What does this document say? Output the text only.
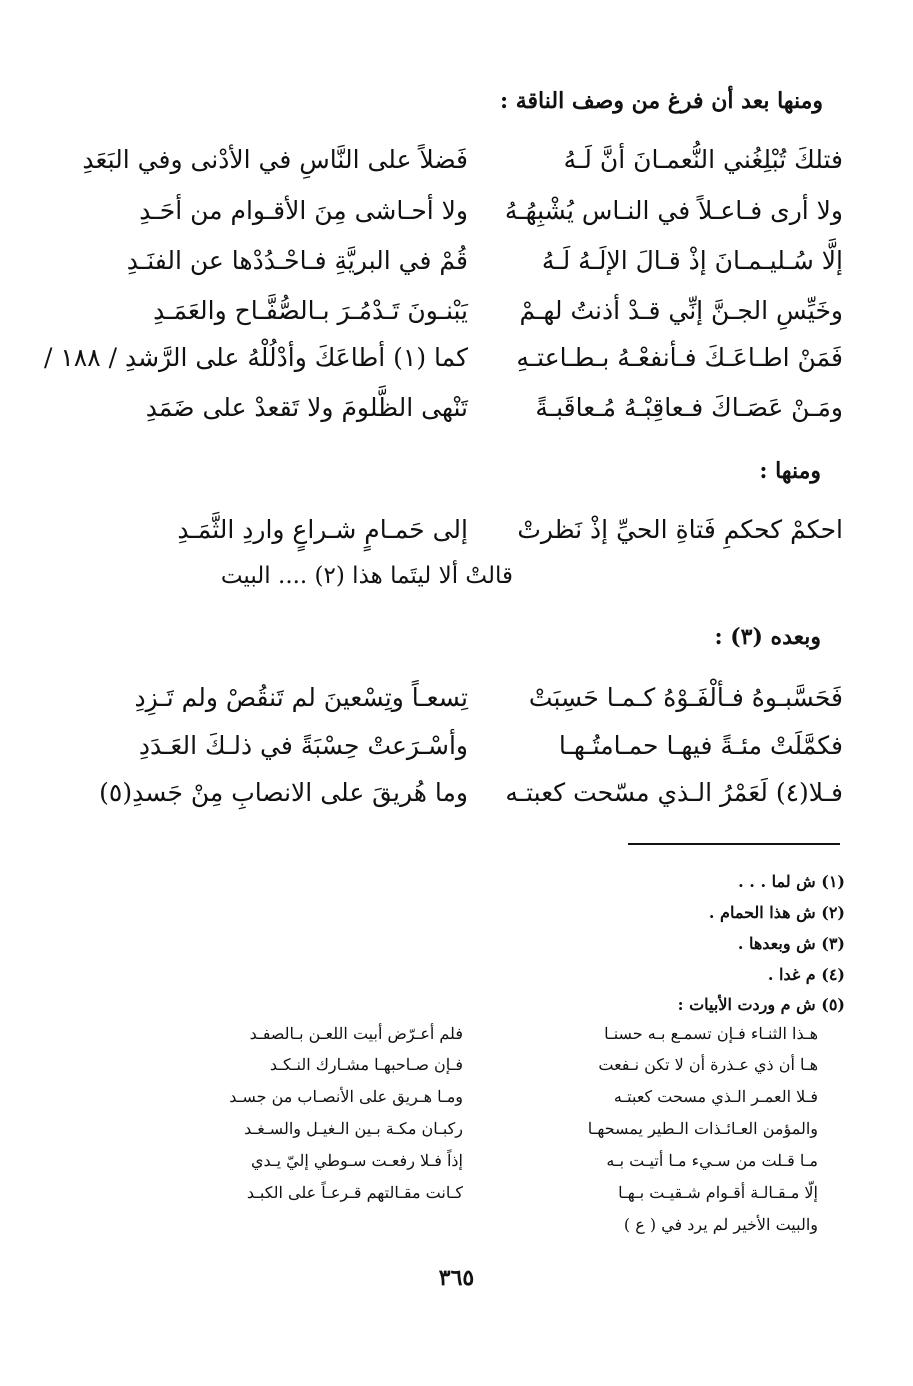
ومنها بعد أن فرغ من وصف الناقة :
فتلكَ تُبْلِغُني النُّعمـانَ أنَّ لَـهُ
فَضلاً على النَّاسِ في الأدْنى وفي البَعَدِ
ولا أرى فـاعـلاً في النـاس يُشْبِهُـهُ
ولا أحـاشى مِنَ الأقـوام من أحَـدِ
إلَّا سُـليـمـانَ إذْ قـالَ الإلَـهُ لَـهُ
قُمْ في البريَّةِ فـاحْـدُدْها عن الفنَـدِ
وخَيِّسِ الجـنَّ إنِّي قـدْ أذنتُ لهـمْ
يَبْنـونَ تَـدْمُـرَ بـالصُّفَّـاح والعَمَـدِ
فَمَنْ اطـاعَـكَ فـأنفعْـهُ بـطـاعتـهِ
كما (١) أطاعَكَ وأدْلُلْهُ على الرَّشدِ / ١٨٨ /
ومَـنْ عَصَـاكَ فـعاقِبْـهُ مُـعاقَبـةً
تَنْهى الظَّلومَ ولا تَقعدْ على ضَمَدِ
ومنها :
احكمْ كحكمِ فَتاةِ الحيِّ إذْ نَظرتْ
إلى حَمـامٍ شـراعٍ واردِ الثَّمَـدِ
قالتْ ألا ليتَما هذا (٢) .... البيت
وبعده (٣) :
فَحَسَّبـوهُ فـألْفَـوْهُ كـمـا حَسِبَتْ
تِسعـاً وتِسْعينَ لم تَنقُصْ ولم تَـزِدِ
فكمَّلَتْ مئـةً فيهـا حمـامتُـهـا
وأسْـرَعتْ حِسْبَةً في ذلـكَ العَـدَدِ
فـلا(٤) لَعَمْرُ الـذي مسّحت كعبتـه
وما هُريقَ على الانصابِ مِنْ جَسدِ(٥)
(١) ش لما . . .
(٢) ش هذا الحمام .
(٣) ش وبعدها .
(٤) م غدا .
(٥) ش م وردت الأبيات :
هـذا الثنـاء فـإن تسمـع بـه حسنـا
فلم أعـرّض أبيت اللعـن بـالصفـد
هـا أن ذي عـذرة أن لا تكن نـفعت
فـإن صـاحبهـا مشـارك النـكـد
فـلا العمـر الـذي مسحت كعبتـه
ومـا هـريق على الأنصـاب من جسـد
والمؤمن العـائـذات الـطير يمسحهـا
ركبـان مكـة بـين الـغيـل والسـغـد
مـا قـلت من سـيء مـا أتيـت بـه
إذاً فـلا رفعـت سـوطي إليّ يـدي
إلّا مـقـالـة أقـوام شـقيـت بـهـا
كـانت مقـالتهم قـرعـاً على الكبـد
والبيت الأخير لم يرد في ( ع )
٣٦٥
